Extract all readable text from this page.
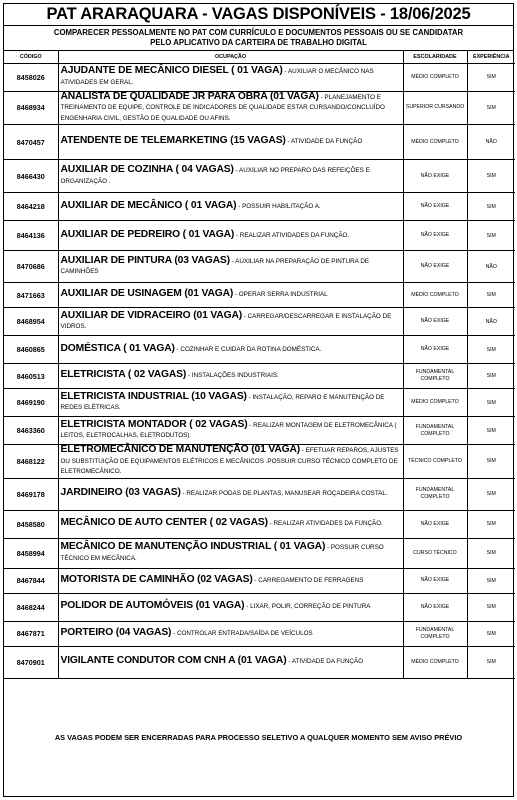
PAT ARARAQUARA - VAGAS DISPONÍVEIS - 18/06/2025
COMPARECER PESSOALMENTE NO PAT COM CURRÍCULO E DOCUMENTOS PESSOAIS OU SE CANDIDATAR
PELO APLICATIVO DA CARTEIRA DE TRABALHO DIGITAL
CÓDIGO	OCUPAÇÃO	ESCOLARIDADE	EXPERIÊNCIA
8458026	AJUDANTE DE MECÂNICO DIESEL ( 01 VAGA) - AUXILIAR O MECÂNICO NAS ATIVIDADES EM GERAL.	MÉDIO COMPLETO	SIM
8468934	ANALISTA DE QUALIDADE JR PARA OBRA (01 VAGA) - PLANEJAMENTO E TREINAMENTO DE EQUIPE, CONTROLE DE INDICADORES DE QUALIDADE ESTAR CURSANDO/CONCLUÍDO ENGENHARIA CIVIL, GESTÃO DE QUALIDADE OU AFINS.	SUPERIOR CURSANDO	SIM
8470457	ATENDENTE DE TELEMARKETING (15 VAGAS) - ATIVIDADE DA FUNÇÃO	MÉDIO COMPLETO	NÃO
8466430	AUXILIAR DE COZINHA ( 04 VAGAS) - AUXILIAR NO PREPARO DAS REFEIÇÕES E ORGANIZAÇÃO .	NÃO EXIGE	SIM
8464218	AUXILIAR DE MECÂNICO ( 01 VAGA) - POSSUIR HABILITAÇÃO A.	NÃO EXIGE	SIM
8464136	AUXILIAR DE PEDREIRO ( 01 VAGA) - REALIZAR ATIVIDADES DA FUNÇÃO.	NÃO EXIGE	SIM
8470686	AUXILIAR DE PINTURA (03 VAGAS) - AUXILIAR NA PREPARAÇÃO DE PINTURA DE CAMINHÕES	NÃO EXIGE	NÃO
8471663	AUXILIAR DE USINAGEM (01 VAGA) - OPERAR SERRA INDUSTRIAL	MÉDIO COMPLETO	SIM
8468954	AUXILIAR DE VIDRACEIRO (01 VAGA) - CARREGAR/DESCARREGAR E INSTALAÇÃO DE VIDROS.	NÃO EXIGE	NÃO
8460865	DOMÉSTICA ( 01 VAGA) - COZINHAR E CUIDAR DA ROTINA DOMÉSTICA.	NÃO EXIGE	SIM
8460513	ELETRICISTA ( 02 VAGAS) - INSTALAÇÕES INDUSTRIAIS.	FUNDAMENTAL COMPLETO	SIM
8469190	ELETRICISTA INDUSTRIAL (10 VAGAS) - INSTALAÇÃO, REPARO E MANUTENÇÃO DE REDES ELÉTRICAS.	MÉDIO COMPLETO	SIM
8463360	ELETRICISTA MONTADOR ( 02 VAGAS) - REALIZAR MONTAGEM DE ELETROMECÂNICA ( LEITOS, ELETROCALHAS, ELETRODUTOS).	FUNDAMENTAL COMPLETO	SIM
8468122	ELETROMECÂNICO DE MANUTENÇÃO (01 VAGA) - EFETUAR REPAROS, AJUSTES OU SUBSTITUIÇÃO DE EQUIPAMENTOS ELÉTRICOS E MECÂNICOS .POSSUIR CURSO TÉCNICO COMPLETO DE ELETROMECÂNICO.	TÉCNICO COMPLETO	SIM
8469178	JARDINEIRO (03 VAGAS) - REALIZAR PODAS DE PLANTAS, MANUSEAR ROÇADEIRA COSTAL.	FUNDAMENTAL COMPLETO	SIM
8458580	MECÂNICO DE AUTO CENTER ( 02 VAGAS) - REALIZAR ATIVIDADES DA FUNÇÃO.	NÃO EXIGE	SIM
8458994	MECÂNICO DE MANUTENÇÃO INDUSTRIAL ( 01 VAGA) - POSSUIR CURSO TÉCNICO EM MECÂNICA.	CURSO TÉCNICO	SIM
8467844	MOTORISTA DE CAMINHÃO (02 VAGAS) - CARREGAMENTO DE FERRAGENS	NÃO EXIGE	SIM
8468244	POLIDOR DE AUTOMÓVEIS (01 VAGA) - LIXAR, POLIR, CORREÇÃO DE PINTURA	NÃO EXIGE	SIM
8467871	PORTEIRO (04 VAGAS) - CONTROLAR ENTRADA/SAÍDA DE VEÍCULOS	FUNDAMENTAL COMPLETO	SIM
8470901	VIGILANTE CONDUTOR COM CNH A (01 VAGA) - ATIVIDADE DA FUNÇÃO	MÉDIO COMPLETO	SIM
AS VAGAS PODEM SER ENCERRADAS PARA PROCESSO SELETIVO A QUALQUER MOMENTO SEM AVISO PRÉVIO
